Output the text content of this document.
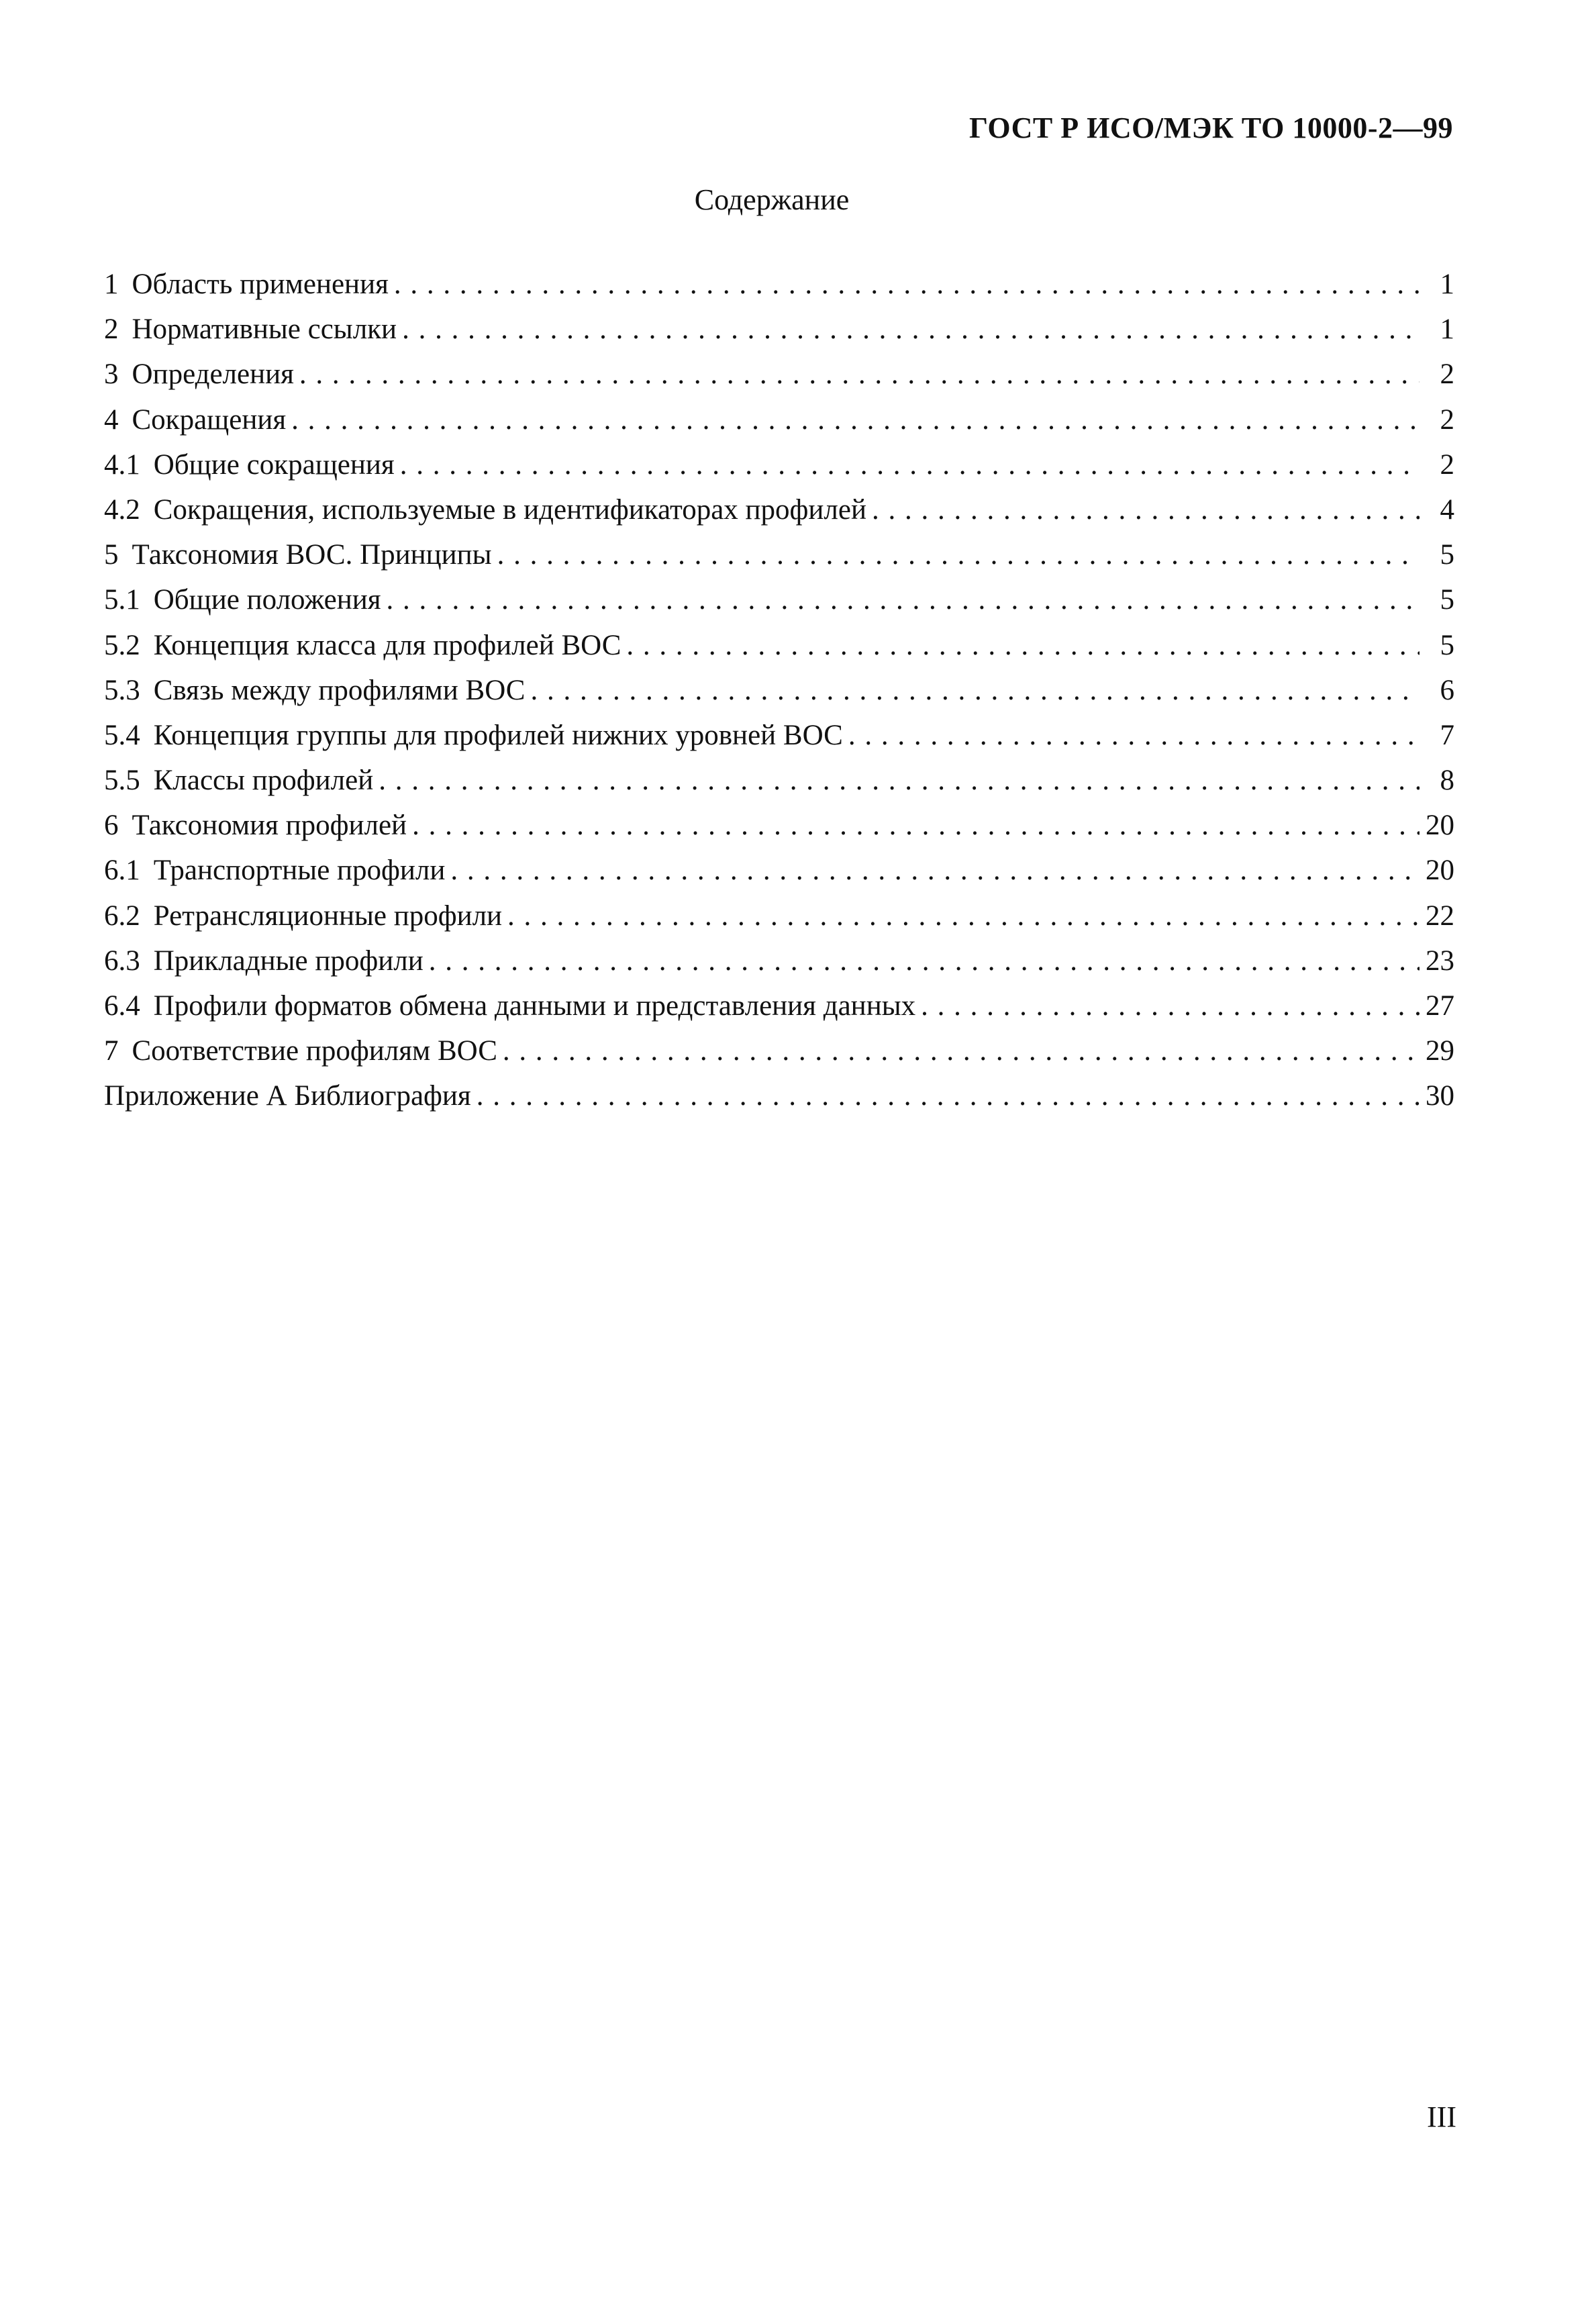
ГОСТ Р ИСО/МЭК ТО 10000-2—99
Содержание
1 Область применения . . .	1
2 Нормативные ссылки . . .	1
3 Определения . . .	2
4 Сокращения . . .	2
4.1 Общие сокращения . . .	2
4.2 Сокращения, используемые в идентификаторах профилей . . .	4
5 Таксономия ВОС. Принципы . . .	5
5.1 Общие положения . . .	5
5.2 Концепция класса для профилей ВОС . . .	5
5.3 Связь между профилями ВОС . . .	6
5.4 Концепция группы для профилей нижних уровней ВОС . . .	7
5.5 Классы профилей . . .	8
6 Таксономия профилей . . .	20
6.1 Транспортные профили . . .	20
6.2 Ретрансляционные профили . . .	22
6.3 Прикладные профили . . .	23
6.4 Профили форматов обмена данными и представления данных . . .	27
7 Соответствие профилям ВОС . . .	29
Приложение А Библиография . . .	30
III
